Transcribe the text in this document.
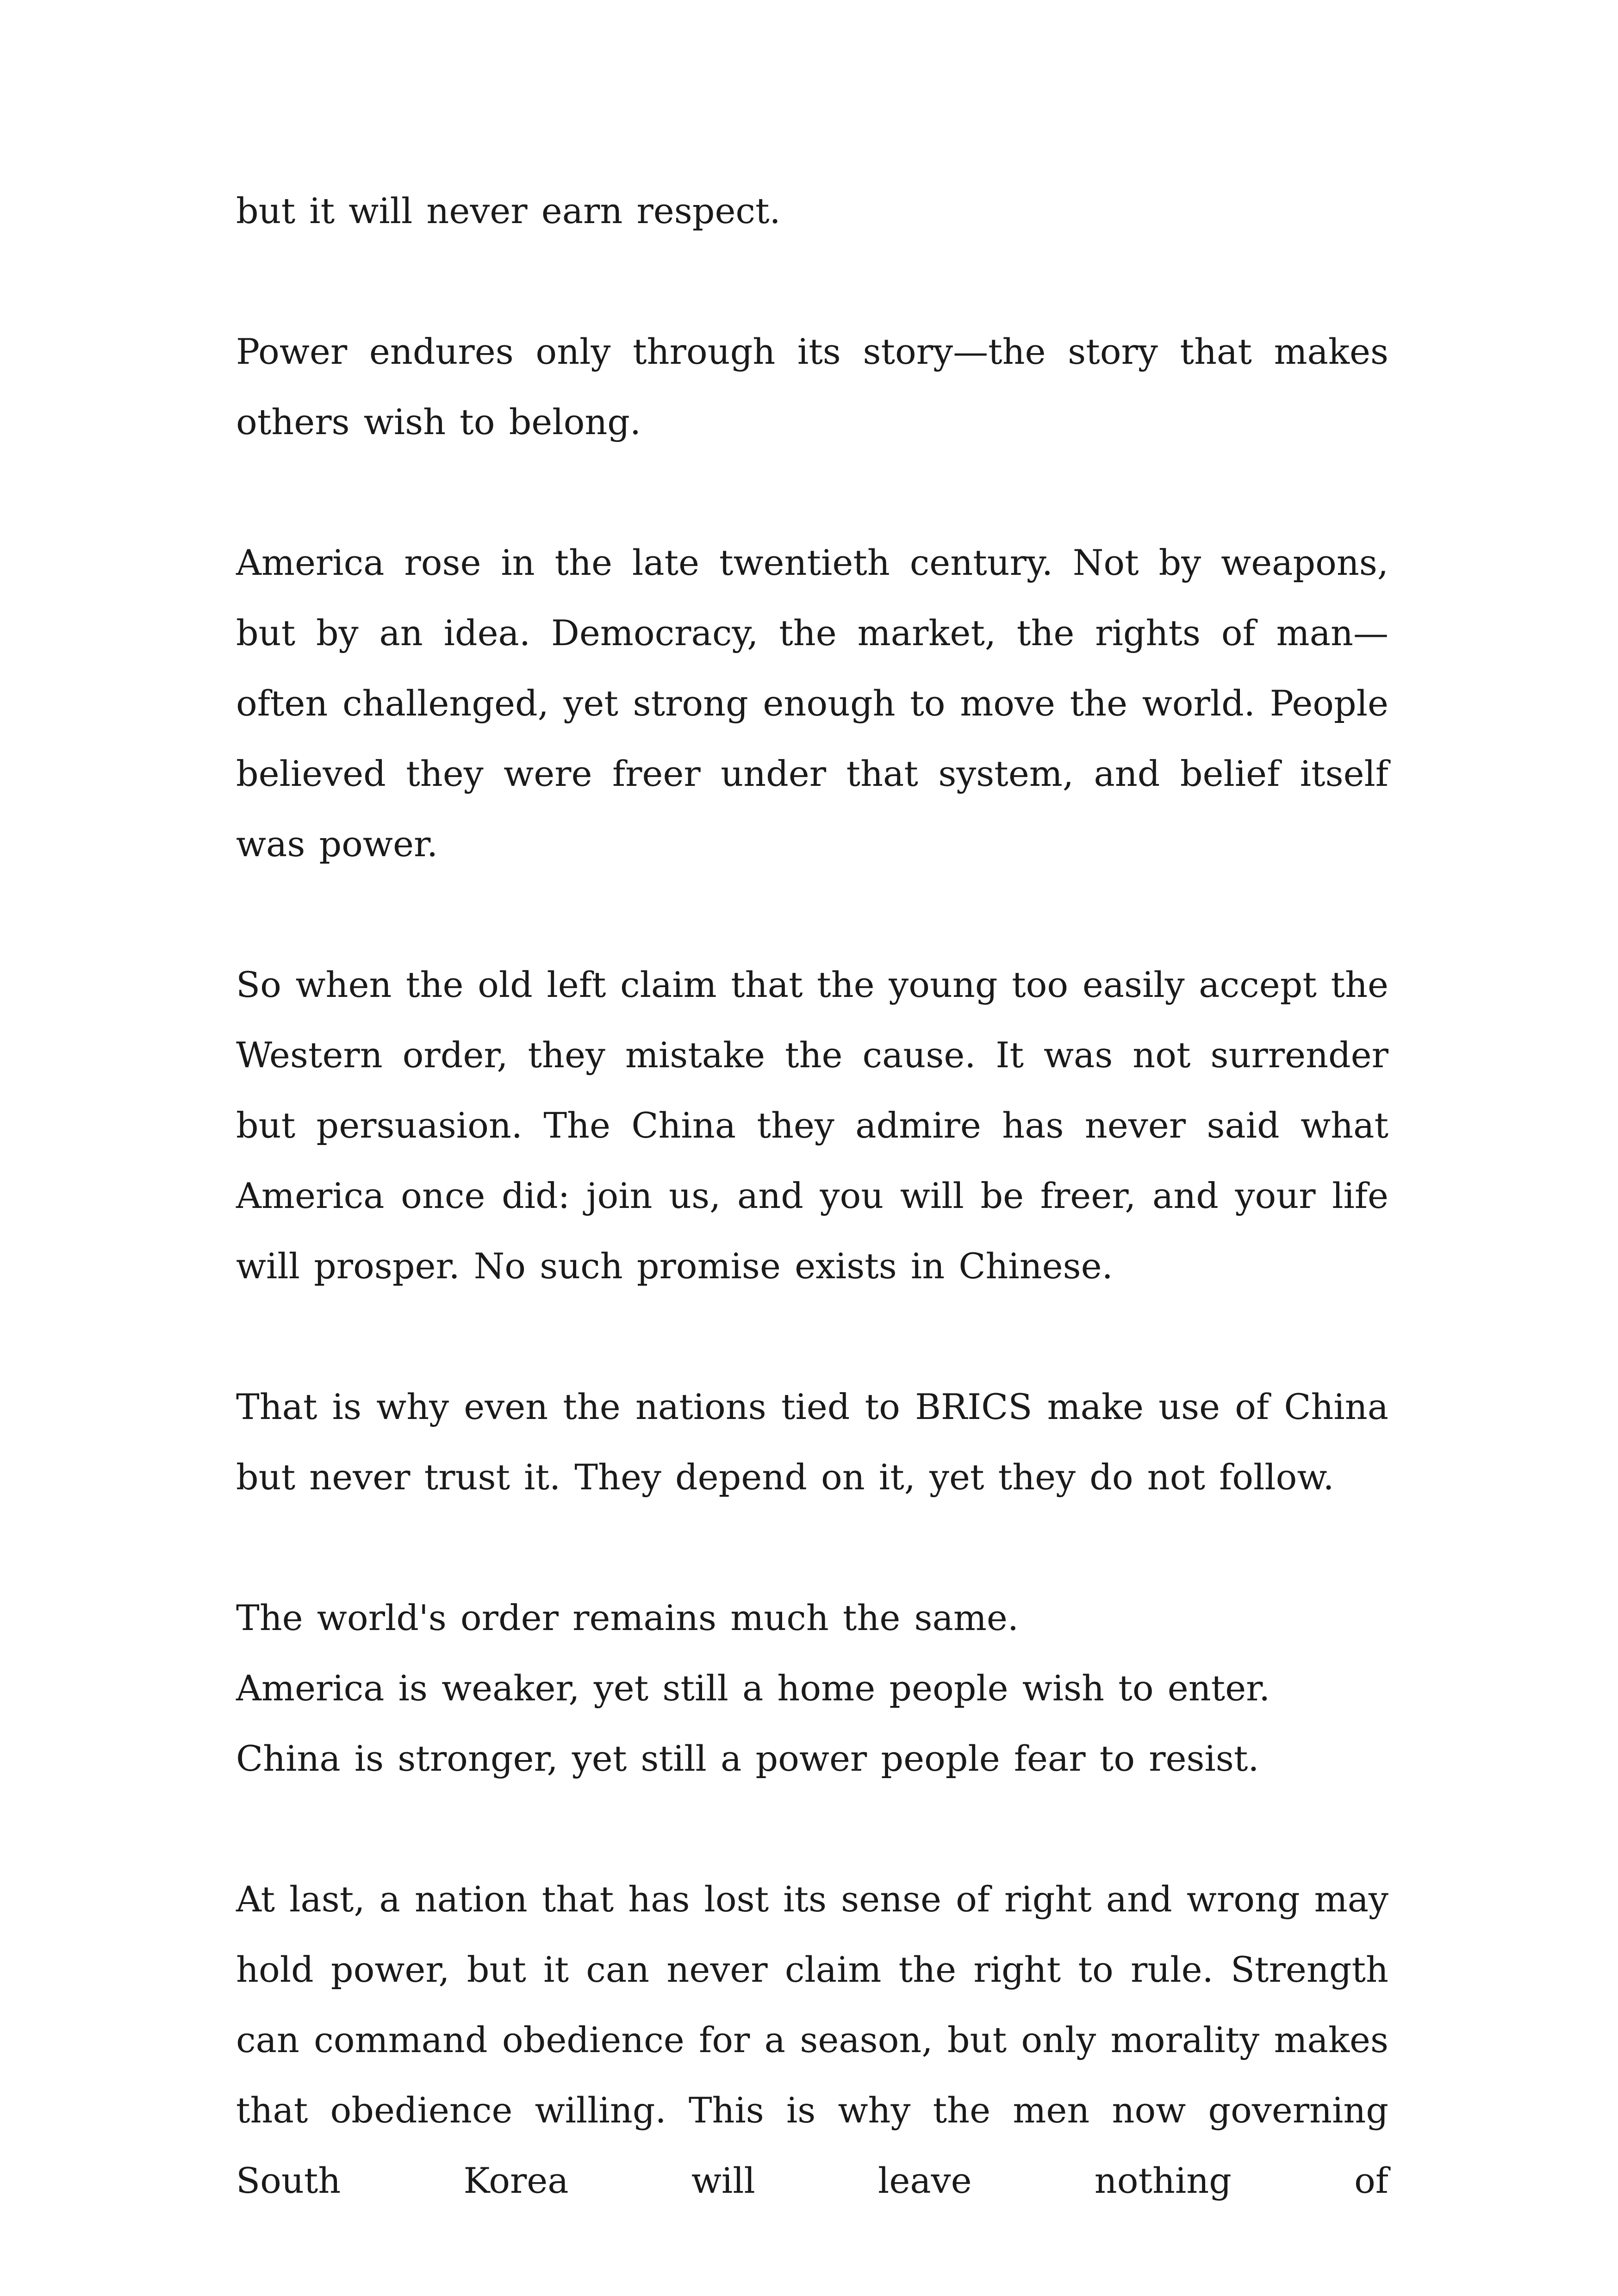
but it will never earn respect.

Power endures only through its story—the story that makes others wish to belong.

America rose in the late twentieth century. Not by weapons, but by an idea. Democracy, the market, the rights of man—often challenged, yet strong enough to move the world. People believed they were freer under that system, and belief itself was power.

So when the old left claim that the young too easily accept the Western order, they mistake the cause. It was not surrender but persuasion. The China they admire has never said what America once did: join us, and you will be freer, and your life will prosper. No such promise exists in Chinese.

That is why even the nations tied to BRICS make use of China but never trust it. They depend on it, yet they do not follow.

The world's order remains much the same.
America is weaker, yet still a home people wish to enter.
China is stronger, yet still a power people fear to resist.

At last, a nation that has lost its sense of right and wrong may hold power, but it can never claim the right to rule. Strength can command obedience for a season, but only morality makes that obedience willing. This is why the men now governing South Korea will leave nothing of
